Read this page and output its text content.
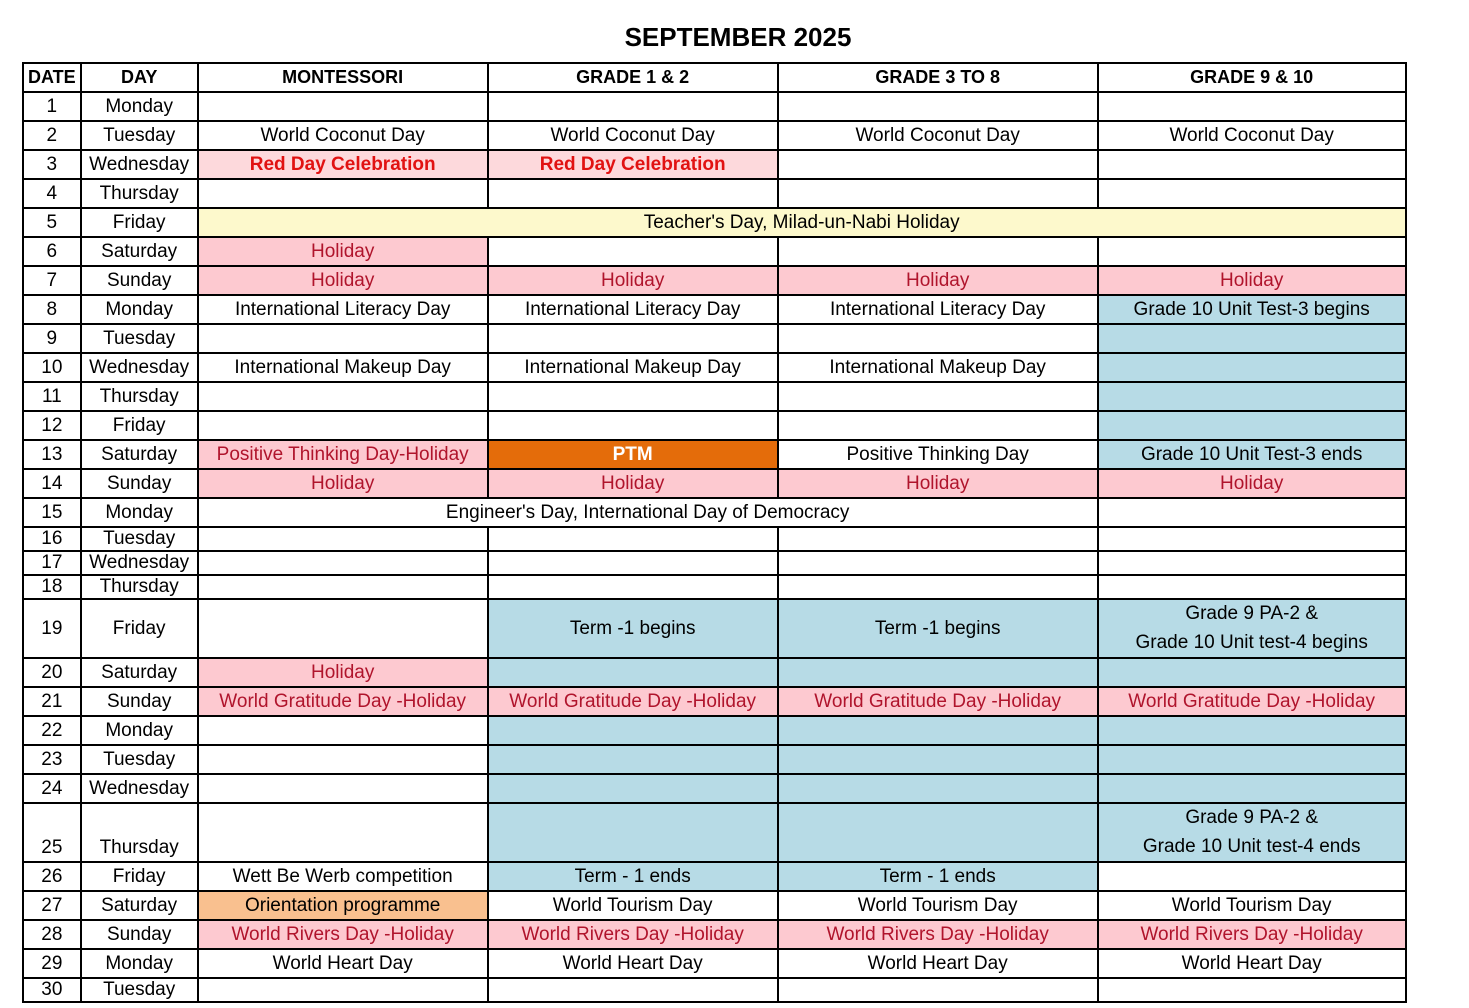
SEPTEMBER 2025
DATE	DAY	MONTESSORI	GRADE 1 & 2	GRADE 3 TO 8	GRADE 9 & 10
1	Monday				
2	Tuesday	World Coconut Day	World Coconut Day	World Coconut Day	World Coconut Day
3	Wednesday	Red Day Celebration	Red Day Celebration		
4	Thursday				
5	Friday	Teacher's Day, Milad-un-Nabi Holiday			
6	Saturday	Holiday			
7	Sunday	Holiday	Holiday	Holiday	Holiday
8	Monday	International Literacy Day	International Literacy Day	International Literacy Day	Grade 10 Unit Test-3 begins
9	Tuesday				
10	Wednesday	International Makeup Day	International Makeup Day	International Makeup Day	
11	Thursday				
12	Friday				
13	Saturday	Positive Thinking Day-Holiday	PTM	Positive Thinking Day	Grade 10 Unit Test-3 ends
14	Sunday	Holiday	Holiday	Holiday	Holiday
15	Monday	Engineer's Day, International Day of Democracy			
16	Tuesday				
17	Wednesday				
18	Thursday				
19	Friday		Term -1 begins	Term -1 begins	Grade 9 PA-2 &
Grade 10 Unit test-4 begins
20	Saturday	Holiday			
21	Sunday	World Gratitude Day -Holiday	World Gratitude Day -Holiday	World Gratitude Day -Holiday	World Gratitude Day -Holiday
22	Monday				
23	Tuesday				
24	Wednesday				
25	Thursday				Grade 9 PA-2 &
Grade 10 Unit test-4 ends
26	Friday	Wett Be Werb competition	Term - 1 ends	Term - 1 ends	
27	Saturday	Orientation programme	World Tourism Day	World Tourism Day	World Tourism Day
28	Sunday	World Rivers Day -Holiday	World Rivers Day -Holiday	World Rivers Day -Holiday	World Rivers Day -Holiday
29	Monday	World Heart Day	World Heart Day	World Heart Day	World Heart Day
30	Tuesday				
